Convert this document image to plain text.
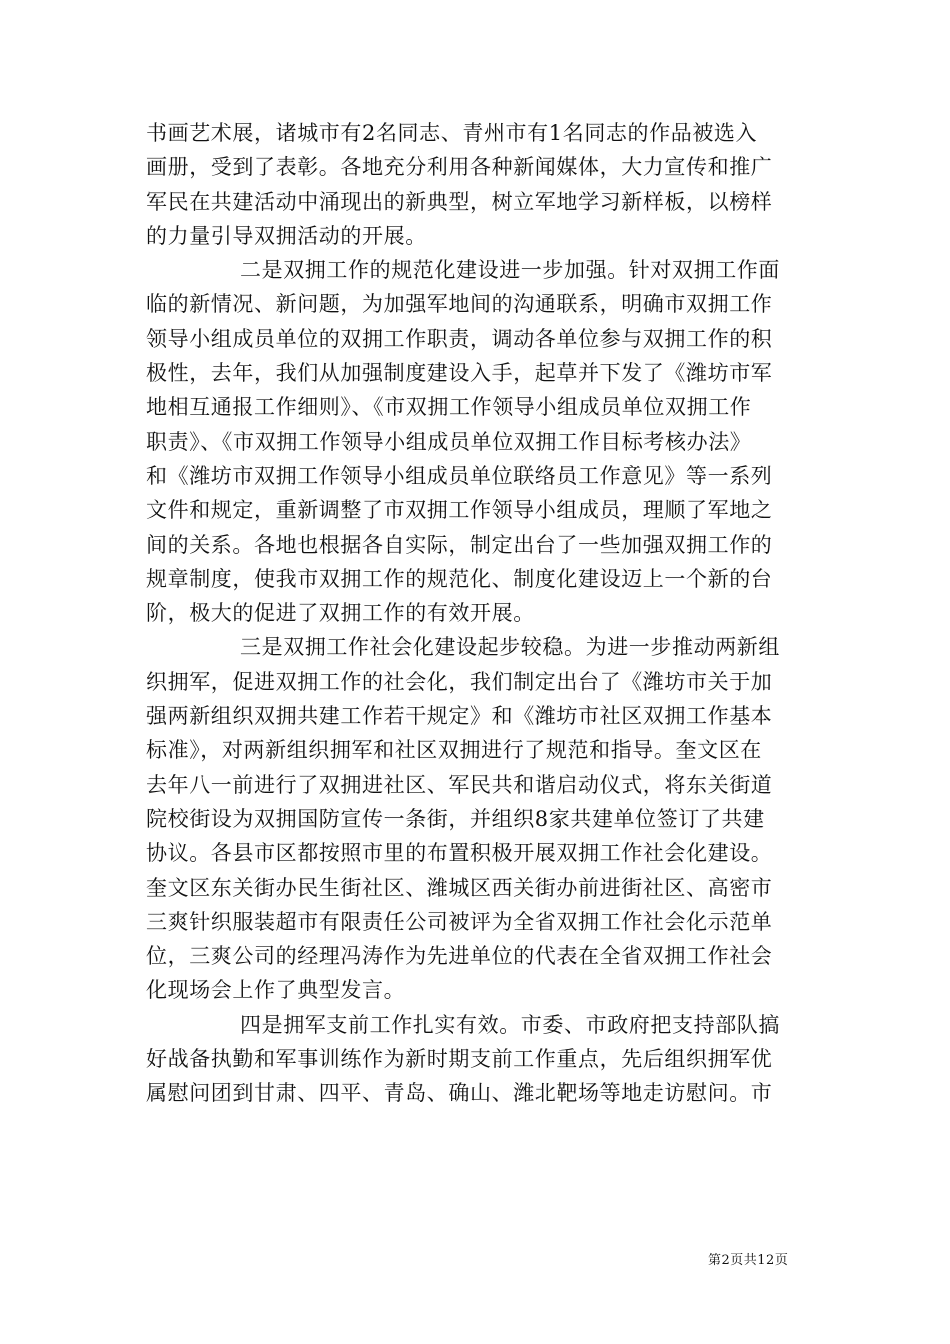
书画艺术展，诸城市有2名同志、青州市有1名同志的作品被选入
画册，受到了表彰。各地充分利用各种新闻媒体，大力宣传和推广
军民在共建活动中涌现出的新典型，树立军地学习新样板，以榜样
的力量引导双拥活动的开展。
二是双拥工作的规范化建设进一步加强。针对双拥工作面
临的新情况、新问题，为加强军地间的沟通联系，明确市双拥工作
领导小组成员单位的双拥工作职责，调动各单位参与双拥工作的积
极性，去年，我们从加强制度建设入手，起草并下发了《潍坊市军
地相互通报工作细则》、《市双拥工作领导小组成员单位双拥工作
职责》、《市双拥工作领导小组成员单位双拥工作目标考核办法》
和《潍坊市双拥工作领导小组成员单位联络员工作意见》等一系列
文件和规定，重新调整了市双拥工作领导小组成员，理顺了军地之
间的关系。各地也根据各自实际，制定出台了一些加强双拥工作的
规章制度，使我市双拥工作的规范化、制度化建设迈上一个新的台
阶，极大的促进了双拥工作的有效开展。
三是双拥工作社会化建设起步较稳。为进一步推动两新组
织拥军，促进双拥工作的社会化，我们制定出台了《潍坊市关于加
强两新组织双拥共建工作若干规定》和《潍坊市社区双拥工作基本
标准》，对两新组织拥军和社区双拥进行了规范和指导。奎文区在
去年八一前进行了双拥进社区、军民共和谐启动仪式，将东关街道
院校街设为双拥国防宣传一条街，并组织8家共建单位签订了共建
协议。各县市区都按照市里的布置积极开展双拥工作社会化建设。
奎文区东关街办民生街社区、潍城区西关街办前进街社区、高密市
三爽针织服装超市有限责任公司被评为全省双拥工作社会化示范单
位，三爽公司的经理冯涛作为先进单位的代表在全省双拥工作社会
化现场会上作了典型发言。
四是拥军支前工作扎实有效。市委、市政府把支持部队搞
好战备执勤和军事训练作为新时期支前工作重点，先后组织拥军优
属慰问团到甘肃、四平、青岛、确山、潍北靶场等地走访慰问。市
第2页共12页
